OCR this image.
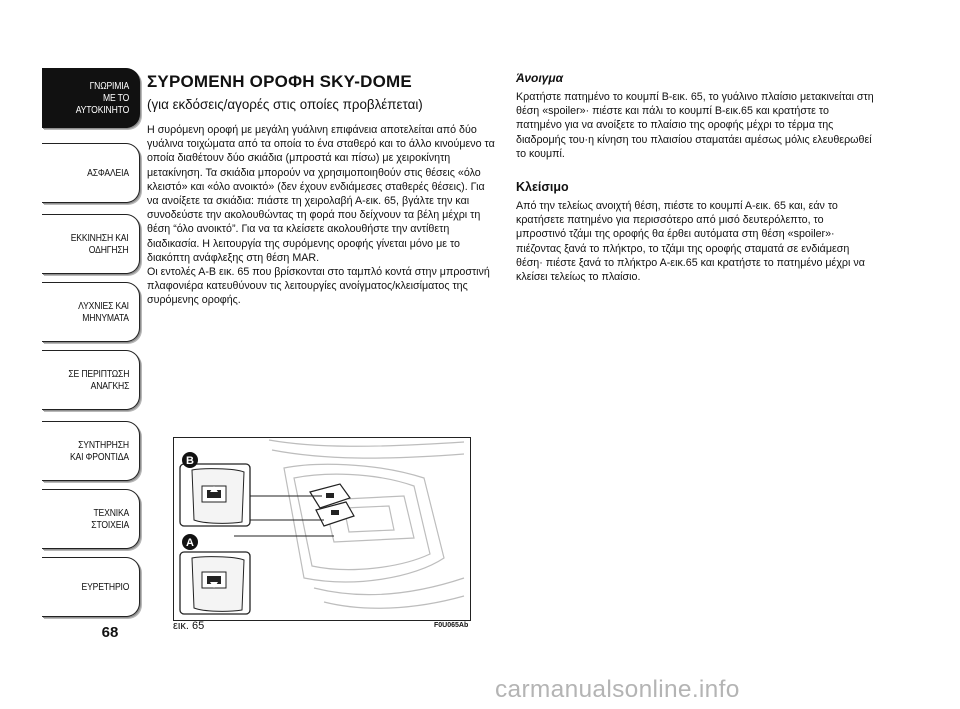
ΓΝΩΡΙΜΙΑ
ΜΕ ΤΟ
ΑΥΤΟΚΙΝΗΤΟ
ΑΣΦΑΛΕΙΑ
ΕΚΚΙΝΗΣΗ ΚΑΙ
ΟΔΗΓΗΣΗ
ΛΥΧΝΙΕΣ ΚΑΙ
ΜΗΝΥΜΑΤΑ
ΣΕ ΠΕΡΙΠΤΩΣΗ
ΑΝΑΓΚΗΣ
ΣΥΝΤΗΡΗΣΗ
ΚΑΙ ΦΡΟΝΤΙΔΑ
ΤΕΧΝΙΚΑ
ΣΤΟΙΧΕΙΑ
ΕΥΡΕΤΗΡΙΟ
68
ΣΥΡΟΜΕΝΗ ΟΡΟΦΗ SKY-DOME
(για εκδόσεις/αγορές στις οποίες προβλέπεται)
Η συρόμενη οροφή με μεγάλη γυάλινη επιφάνεια αποτελείται από δύο γυάλινα τοιχώματα από τα οποία το ένα σταθερό και το άλλο κινούμενο τα οποία διαθέτουν δύο σκιάδια (μπροστά και πίσω) με χειροκίνητη μετακίνηση. Τα σκιάδια μπορούν να χρησιμοποιηθούν στις θέσεις «όλο κλειστό» και «όλο ανοικτό» (δεν έχουν ενδιάμεσες σταθερές θέσεις). Για να ανοίξετε τα σκιάδια: πιάστε τη χειρολαβή Α-εικ. 65, βγάλτε την και συνοδεύστε την ακολουθώντας τη φορά που δείχνουν τα βέλη μέχρι τη θέση “όλο ανοικτό”. Για να τα κλείσετε ακολουθήστε την αντίθετη διαδικασία. Η λειτουργία της συρόμενης οροφής γίνεται μόνο με το διακόπτη ανάφλεξης στη θέση MAR.
Οι εντολές Α-Β εικ. 65 που βρίσκονται στο ταμπλό κοντά στην μπροστινή πλαφονιέρα κατευθύνουν τις λειτουργίες ανοίγματος/κλεισίματος της συρόμενης οροφής.
Άνοιγμα
Κρατήστε πατημένο το κουμπί Β-εικ. 65, το γυάλινο πλαίσιο μετακινείται στη θέση «spoiler»· πιέστε και πάλι το κουμπί Β-εικ.65 και κρατήστε το πατημένο για να ανοίξετε το πλαίσιο της οροφής μέχρι το τέρμα της διαδρομής του·η κίνηση του πλαισίου σταματάει αμέσως μόλις ελευθερωθεί το κουμπί.
Κλείσιμο
Από την τελείως ανοιχτή θέση, πιέστε το κουμπί Α-εικ. 65 και, εάν το κρατήσετε πατημένο για περισσότερο από μισό δευτερόλεπτο, το μπροστινό τζάμι της οροφής θα έρθει αυτόματα στη θέση «spoiler»· πιέζοντας ξανά το πλήκτρο, το τζάμι της οροφής σταματά σε ενδιάμεση θέση· πιέστε ξανά το πλήκτρο Α-εικ.65 και κρατήστε το πατημένο μέχρι να κλείσει τελείως το πλαίσιο.
B
A
εικ. 65	F0U065Ab
carmanualsonline.info
